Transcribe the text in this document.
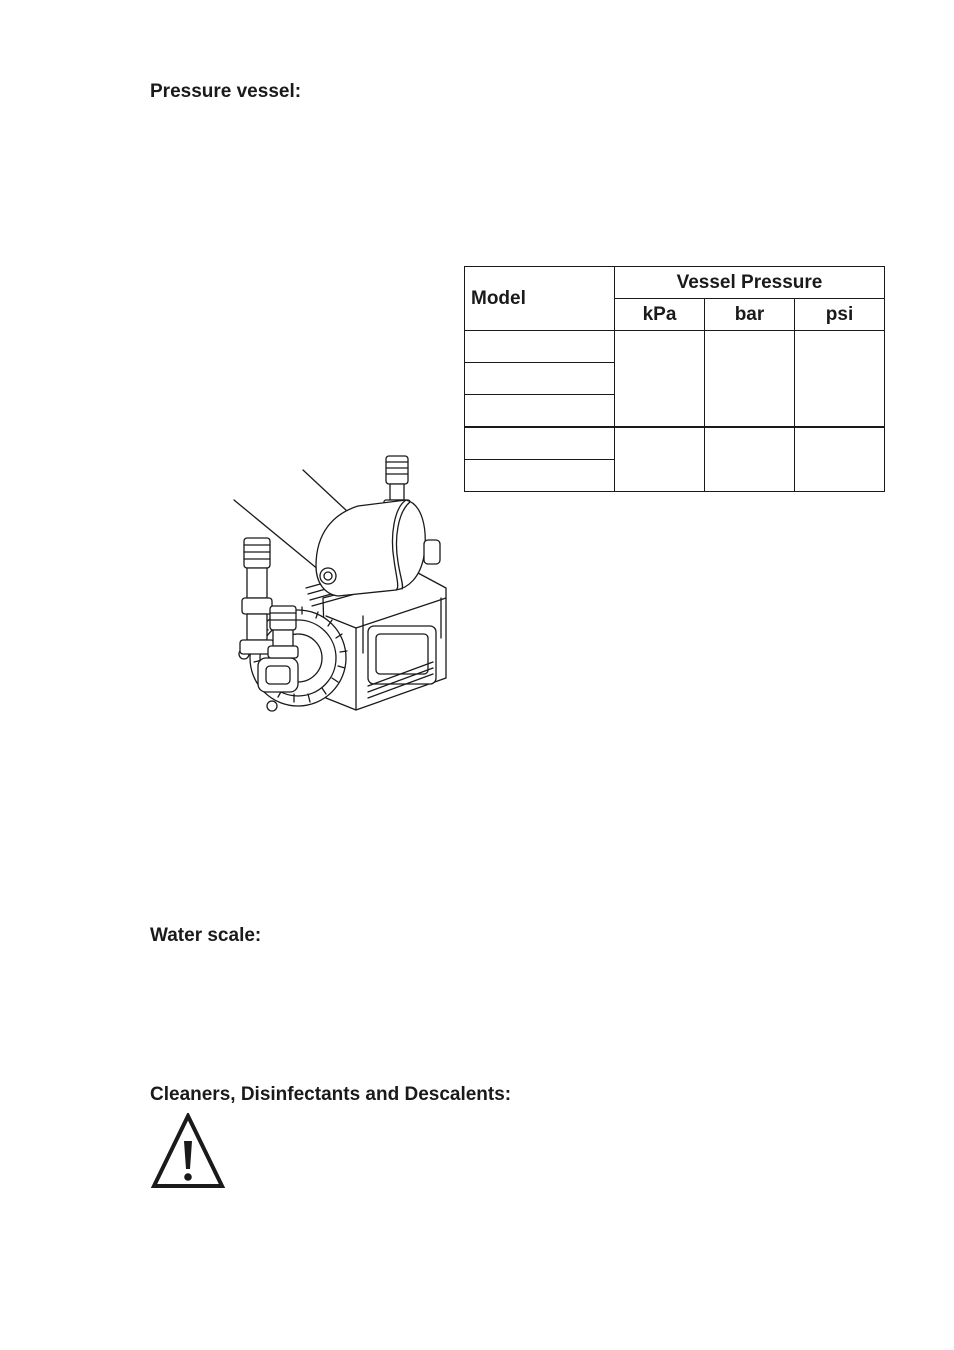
Pressure vessel:
Model	Vessel Pressure		
	kPa	bar	psi

Water scale:
Cleaners, Disinfectants and Descalents:
